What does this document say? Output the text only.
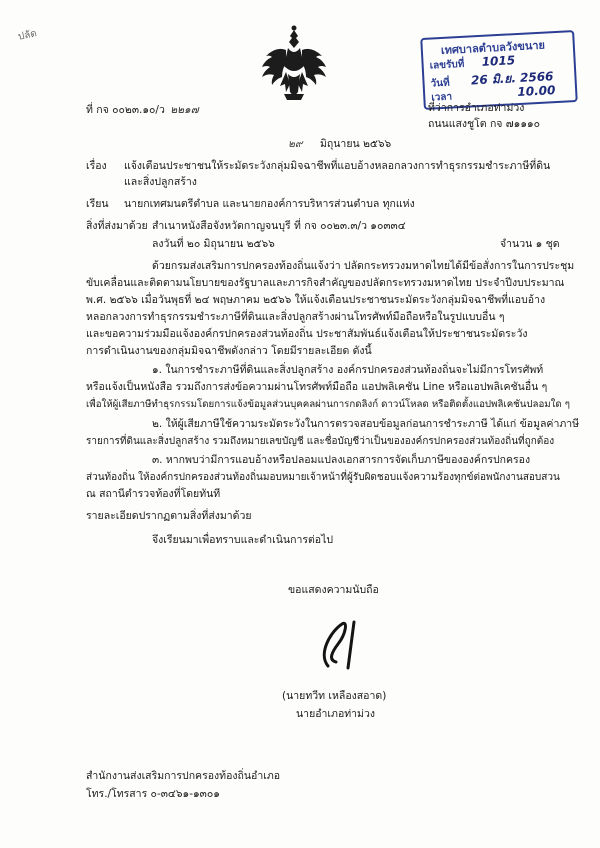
ปลัด
เทศบาลตำบลวังขนาย
เลขรับที่ 1015
วันที่ 26 มิ.ย. 2566
เวลา	10.00
ที่ กจ ๐๐๒๓.๑๐/ว ๒๒๑๗	ที่ว่าการอำเภอท่าม่วง
ถนนแสงชูโต กจ ๗๑๑๑๐
๒๙ มิถุนายน ๒๕๖๖
เรื่อง แจ้งเตือนประชาชนให้ระมัดระวังกลุ่มมิจฉาชีพที่แอบอ้างหลอกลวงการทำธุรกรรมชำระภาษีที่ดิน
และสิ่งปลูกสร้าง
เรียน นายกเทศมนตรีตำบล และนายกองค์การบริหารส่วนตำบล ทุกแห่ง
สิ่งที่ส่งมาด้วย สำเนาหนังสือจังหวัดกาญจนบุรี ที่ กจ ๐๐๒๓.๓/ว ๑๐๓๓๔
ลงวันที่ ๒๐ มิถุนายน ๒๕๖๖	จำนวน ๑ ชุด
ด้วยกรมส่งเสริมการปกครองท้องถิ่นแจ้งว่า ปลัดกระทรวงมหาดไทยได้มีข้อสั่งการในการประชุม
ขับเคลื่อนและติดตามนโยบายของรัฐบาลและภารกิจสำคัญของปลัดกระทรวงมหาดไทย ประจำปีงบประมาณ
พ.ศ. ๒๕๖๖ เมื่อวันพุธที่ ๒๔ พฤษภาคม ๒๕๖๖ ให้แจ้งเตือนประชาชนระมัดระวังกลุ่มมิจฉาชีพที่แอบอ้าง
หลอกลวงการทำธุรกรรมชำระภาษีที่ดินและสิ่งปลูกสร้างผ่านโทรศัพท์มือถือหรือในรูปแบบอื่น ๆ
และขอความร่วมมือแจ้งองค์กรปกครองส่วนท้องถิ่น ประชาสัมพันธ์แจ้งเตือนให้ประชาชนระมัดระวัง
การดำเนินงานของกลุ่มมิจฉาชีพดังกล่าว โดยมีรายละเอียด ดังนี้
๑. ในการชำระภาษีที่ดินและสิ่งปลูกสร้าง องค์กรปกครองส่วนท้องถิ่นจะไม่มีการโทรศัพท์
หรือแจ้งเป็นหนังสือ รวมถึงการส่งข้อความผ่านโทรศัพท์มือถือ แอปพลิเคชัน Line หรือแอปพลิเคชันอื่น ๆ
เพื่อให้ผู้เสียภาษีทำธุรกรรมโดยการแจ้งข้อมูลส่วนบุคคลผ่านการกดลิงก์ ดาวน์โหลด หรือติดตั้งแอปพลิเคชันปลอมใด ๆ
๒. ให้ผู้เสียภาษีใช้ความระมัดระวังในการตรวจสอบข้อมูลก่อนการชำระภาษี ได้แก่ ข้อมูลค่าภาษี
รายการที่ดินและสิ่งปลูกสร้าง รวมถึงหมายเลขบัญชี และชื่อบัญชีว่าเป็นขององค์กรปกครองส่วนท้องถิ่นที่ถูกต้อง
๓. หากพบว่ามีการแอบอ้างหรือปลอมแปลงเอกสารการจัดเก็บภาษีขององค์กรปกครอง
ส่วนท้องถิ่น ให้องค์กรปกครองส่วนท้องถิ่นมอบหมายเจ้าหน้าที่ผู้รับผิดชอบแจ้งความร้องทุกข์ต่อพนักงานสอบสวน
ณ สถานีตำรวจท้องที่โดยทันที
รายละเอียดปรากฏตามสิ่งที่ส่งมาด้วย
จึงเรียนมาเพื่อทราบและดำเนินการต่อไป
ขอแสดงความนับถือ
(นายทวีท เหลืองสอาด)
นายอำเภอท่าม่วง
สำนักงานส่งเสริมการปกครองท้องถิ่นอำเภอ
โทร./โทรสาร ๐-๓๔๖๑-๑๓๐๑
